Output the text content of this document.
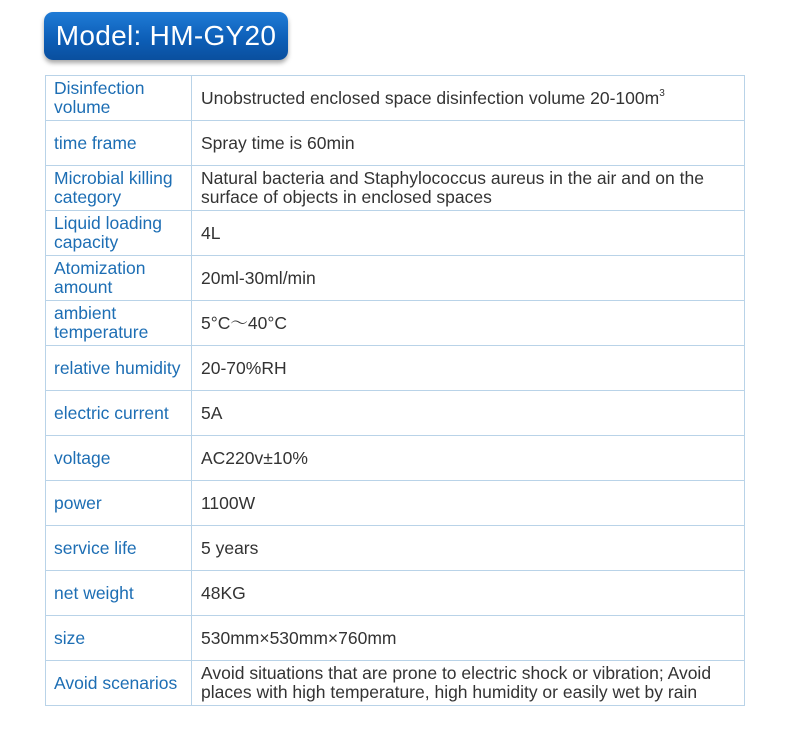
Model: HM-GY20
Disinfection volume	Unobstructed enclosed space disinfection volume $20-100m^3$
time frame	Spray time is 60min
Microbial killing category	Natural bacteria and Staphylococcus aureus in the air and on the surface of objects in enclosed spaces
Liquid loading capacity	4L
Atomization amount	20ml-30ml/min
ambient temperature	5°C～40°C
relative humidity	20-70%RH
electric current	5A
voltage	AC220v±10%
power	1100W
service life	5 years
net weight	48KG
size	530mm×530mm×760mm
Avoid scenarios	Avoid situations that are prone to electric shock or vibration; Avoid places with high temperature, high humidity or easily wet by rain
